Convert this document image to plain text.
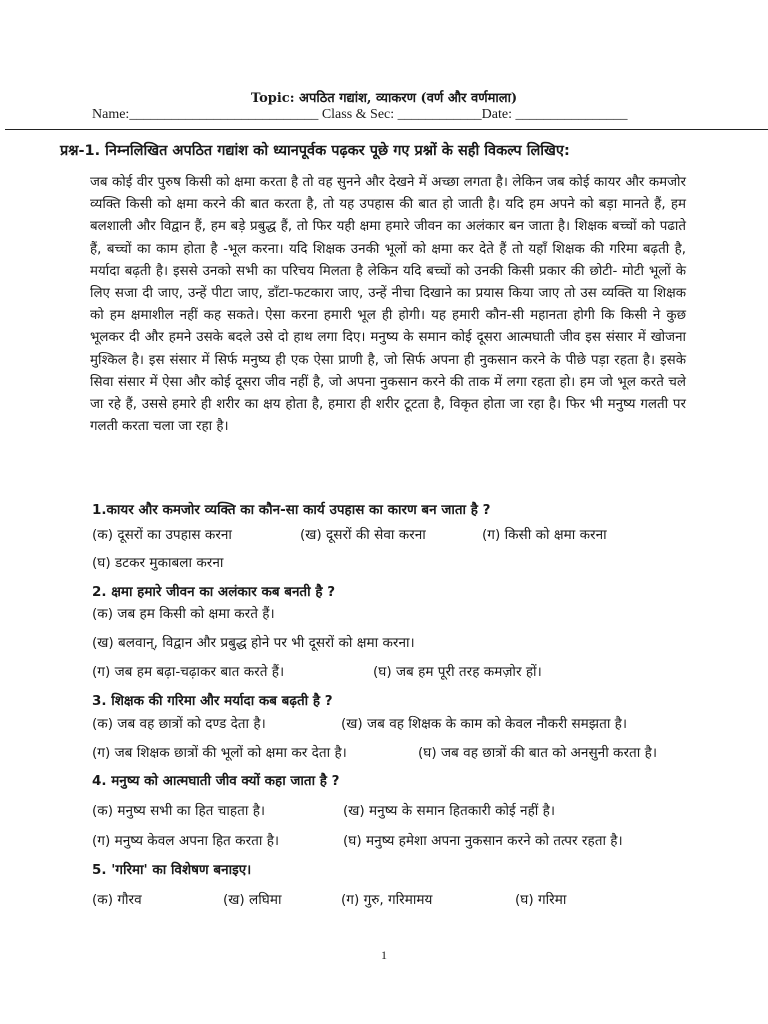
Topic: अपठित गद्यांश, व्याकरण (वर्ण और वर्णमाला)
Name:___________________________ Class & Sec: ____________Date: ________________
प्रश्न-1. निम्नलिखित अपठित गद्यांश को ध्यानपूर्वक पढ़कर पूछे गए प्रश्नों के सही विकल्प लिखिए:
जब कोई वीर पुरुष किसी को क्षमा करता है तो वह सुनने और देखने में अच्छा लगता है। लेकिन जब कोई कायर और कमजोर व्यक्ति किसी को क्षमा करने की बात करता है, तो यह उपहास की बात हो जाती है। यदि हम अपने को बड़ा मानते हैं, हम बलशाली और विद्वान हैं, हम बड़े प्रबुद्ध हैं, तो फिर यही क्षमा हमारे जीवन का अलंकार बन जाता है। शिक्षक बच्चों को पढाते हैं, बच्चों का काम होता है -भूल करना। यदि शिक्षक उनकी भूलों को क्षमा कर देते हैं तो यहाँ शिक्षक की गरिमा बढ़ती है, मर्यादा बढ़ती है। इससे उनको सभी का परिचय मिलता है लेकिन यदि बच्चों को उनकी किसी प्रकार की छोटी- मोटी भूलों के लिए सजा दी जाए, उन्हें पीटा जाए, डाँटा-फटकारा जाए, उन्हें नीचा दिखाने का प्रयास किया जाए तो उस व्यक्ति या शिक्षक को हम क्षमाशील नहीं कह सकते। ऐसा करना हमारी भूल ही होगी। यह हमारी कौन-सी महानता होगी कि किसी ने कुछ भूलकर दी और हमने उसके बदले उसे दो हाथ लगा दिए। मनुष्य के समान कोई दूसरा आत्मघाती जीव इस संसार में खोजना मुश्किल है। इस संसार में सिर्फ मनुष्य ही एक ऐसा प्राणी है, जो सिर्फ अपना ही नुकसान करने के पीछे पड़ा रहता है। इसके सिवा संसार में ऐसा और कोई दूसरा जीव नहीं है, जो अपना नुकसान करने की ताक में लगा रहता हो। हम जो भूल करते चले जा रहे हैं, उससे हमारे ही शरीर का क्षय होता है, हमारा ही शरीर टूटता है, विकृत होता जा रहा है। फिर भी मनुष्य गलती पर गलती करता चला जा रहा है।
1.कायर और कमजोर व्यक्ति का कौन-सा कार्य उपहास का कारण बन जाता है ?
(क) दूसरों का उपहास करना	(ख) दूसरों की सेवा करना	(ग) किसी को क्षमा करना
(घ) डटकर मुकाबला करना
2. क्षमा हमारे जीवन का अलंकार कब बनती है ?
(क) जब हम किसी को क्षमा करते हैं।
(ख) बलवान्, विद्वान और प्रबुद्ध होने पर भी दूसरों को क्षमा करना।
(ग) जब हम बढ़ा-चढ़ाकर बात करते हैं।	(घ) जब हम पूरी तरह कमज़ोर हों।
3. शिक्षक की गरिमा और मर्यादा कब बढ़ती है ?
(क) जब वह छात्रों को दण्ड देता है।	(ख) जब वह शिक्षक के काम को केवल नौकरी समझता है।
(ग) जब शिक्षक छात्रों की भूलों को क्षमा कर देता है।	(घ) जब वह छात्रों की बात को अनसुनी करता है।
4. मनुष्य को आत्मघाती जीव क्यों कहा जाता है ?
(क) मनुष्य सभी का हित चाहता है।	(ख) मनुष्य के समान हितकारी कोई नहीं है।
(ग) मनुष्य केवल अपना हित करता है।	(घ) मनुष्य हमेशा अपना नुकसान करने को तत्पर रहता है।
5. 'गरिमा' का विशेषण बनाइए।
(क) गौरव	(ख) लघिमा	(ग) गुरु, गरिमामय	(घ) गरिमा
1
